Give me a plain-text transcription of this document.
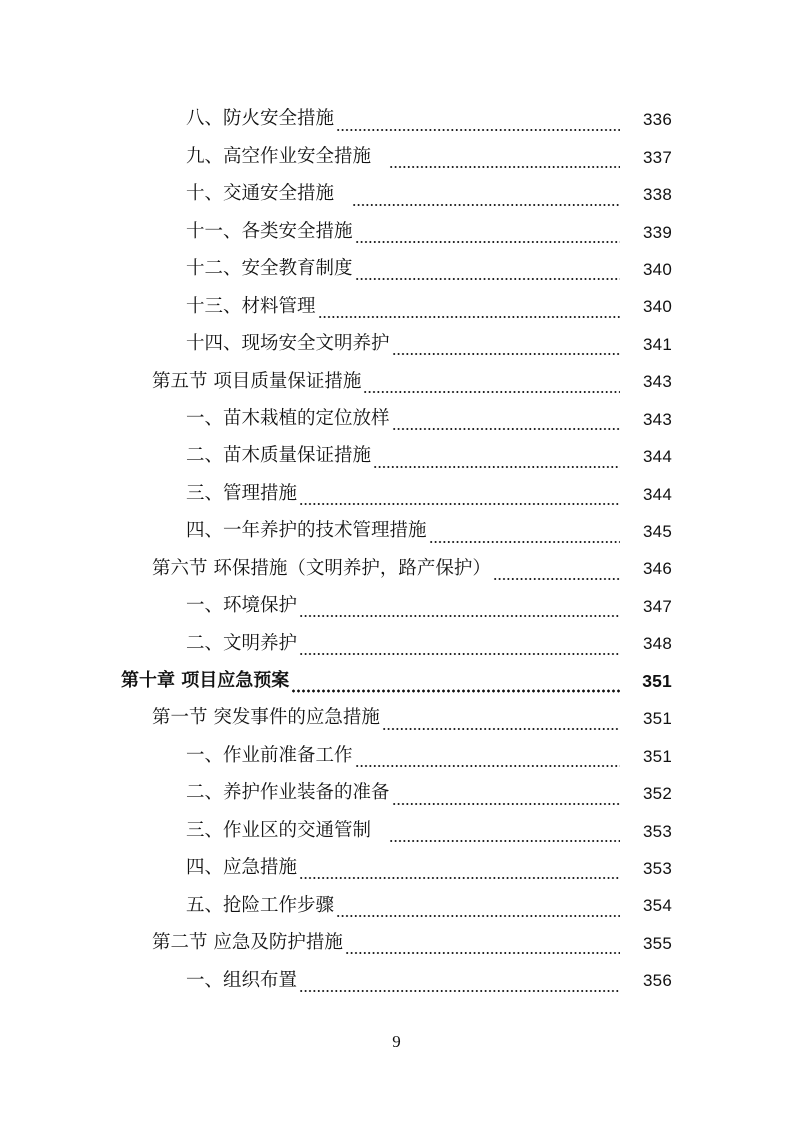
八、防火安全措施	336
九、高空作业安全措施	337
十、交通安全措施	338
十一、各类安全措施	339
十二、安全教育制度	340
十三、材料管理	340
十四、现场安全文明养护	341
第五节 项目质量保证措施	343
一、苗木栽植的定位放样	343
二、苗木质量保证措施	344
三、管理措施	344
四、一年养护的技术管理措施	345
第六节 环保措施（文明养护，路产保护）	346
一、环境保护	347
二、文明养护	348
第十章 项目应急预案	351
第一节 突发事件的应急措施	351
一、作业前准备工作	351
二、养护作业装备的准备	352
三、作业区的交通管制	353
四、应急措施	353
五、抢险工作步骤	354
第二节 应急及防护措施	355
一、组织布置	356
9
